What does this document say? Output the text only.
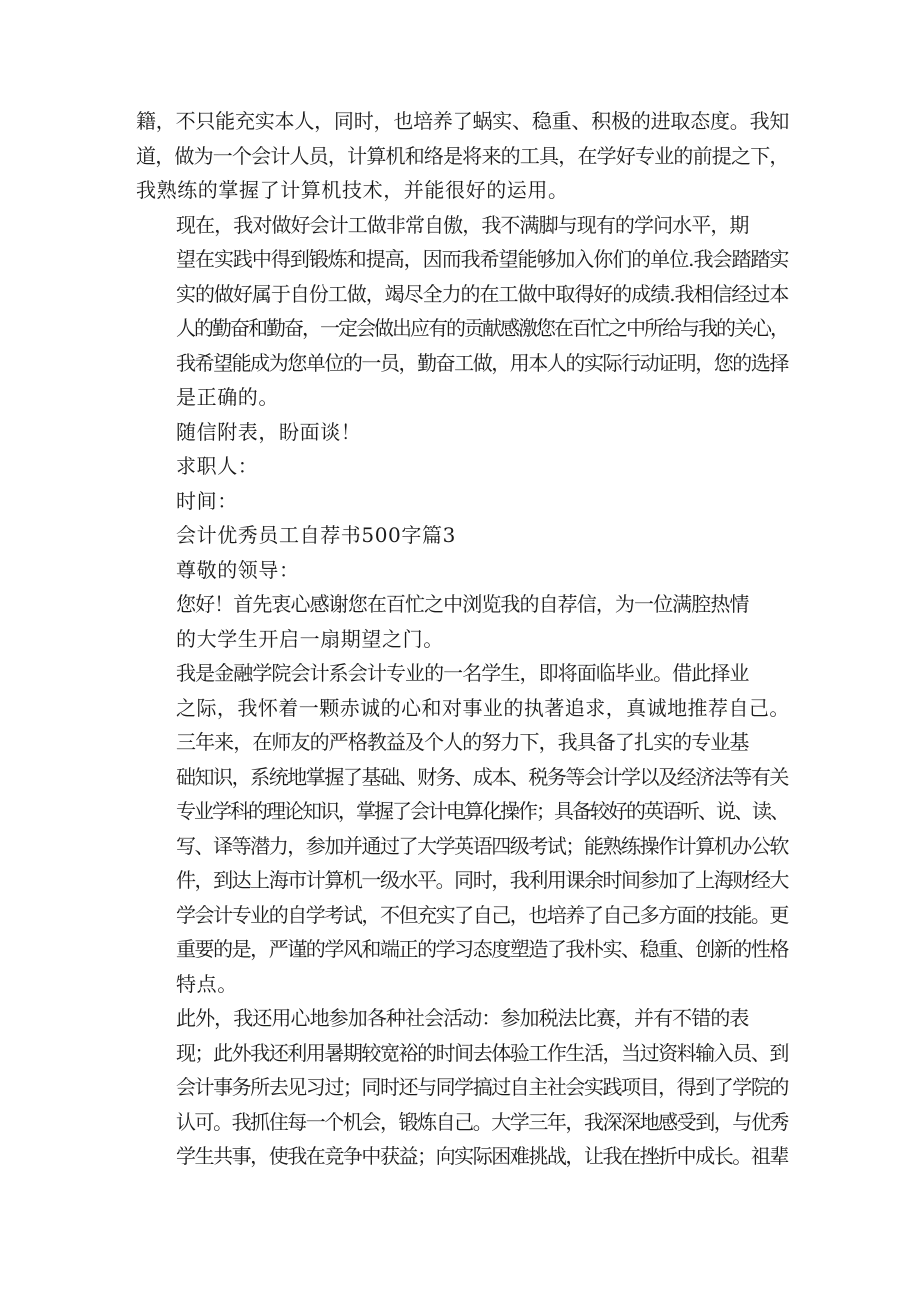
籍，不只能充实本人，同时，也培养了蜗实、稳重、积极的进取态度。我知
道，做为一个会计人员，计算机和络是将来的工具，在学好专业的前提之下，
我熟练的掌握了计算机技术，并能很好的运用。

现在，我对做好会计工做非常自傲，我不满脚与现有的学问水平，期
望在实践中得到锻炼和提高，因而我希望能够加入你们的单位.我会踏踏实
实的做好属于自份工做，竭尽全力的在工做中取得好的成绩.我相信经过本
人的勤奋和勤奋，一定会做出应有的贡献感激您在百忙之中所给与我的关心，
我希望能成为您单位的一员，勤奋工做，用本人的实际行动证明，您的选择
是正确的。

随信附表，盼面谈！

求职人：

时间：

会计优秀员工自荐书500字篇3

尊敬的领导：

您好！首先衷心感谢您在百忙之中浏览我的自荐信，为一位满腔热情
的大学生开启一扇期望之门。

我是金融学院会计系会计专业的一名学生，即将面临毕业。借此择业
之际，我怀着一颗赤诚的心和对事业的执著追求，真诚地推荐自己。

三年来，在师友的严格教益及个人的努力下，我具备了扎实的专业基
础知识，系统地掌握了基础、财务、成本、税务等会计学以及经济法等有关
专业学科的理论知识，掌握了会计电算化操作；具备较好的英语听、说、读、
写、译等潜力，参加并通过了大学英语四级考试；能熟练操作计算机办公软
件，到达上海市计算机一级水平。同时，我利用课余时间参加了上海财经大
学会计专业的自学考试，不但充实了自己，也培养了自己多方面的技能。更
重要的是，严谨的学风和端正的学习态度塑造了我朴实、稳重、创新的性格
特点。

此外，我还用心地参加各种社会活动：参加税法比赛，并有不错的表
现；此外我还利用暑期较宽裕的时间去体验工作生活，当过资料输入员、到
会计事务所去见习过；同时还与同学搞过自主社会实践项目，得到了学院的
认可。我抓住每一个机会，锻炼自己。大学三年，我深深地感受到，与优秀
学生共事，使我在竞争中获益；向实际困难挑战，让我在挫折中成长。祖辈
